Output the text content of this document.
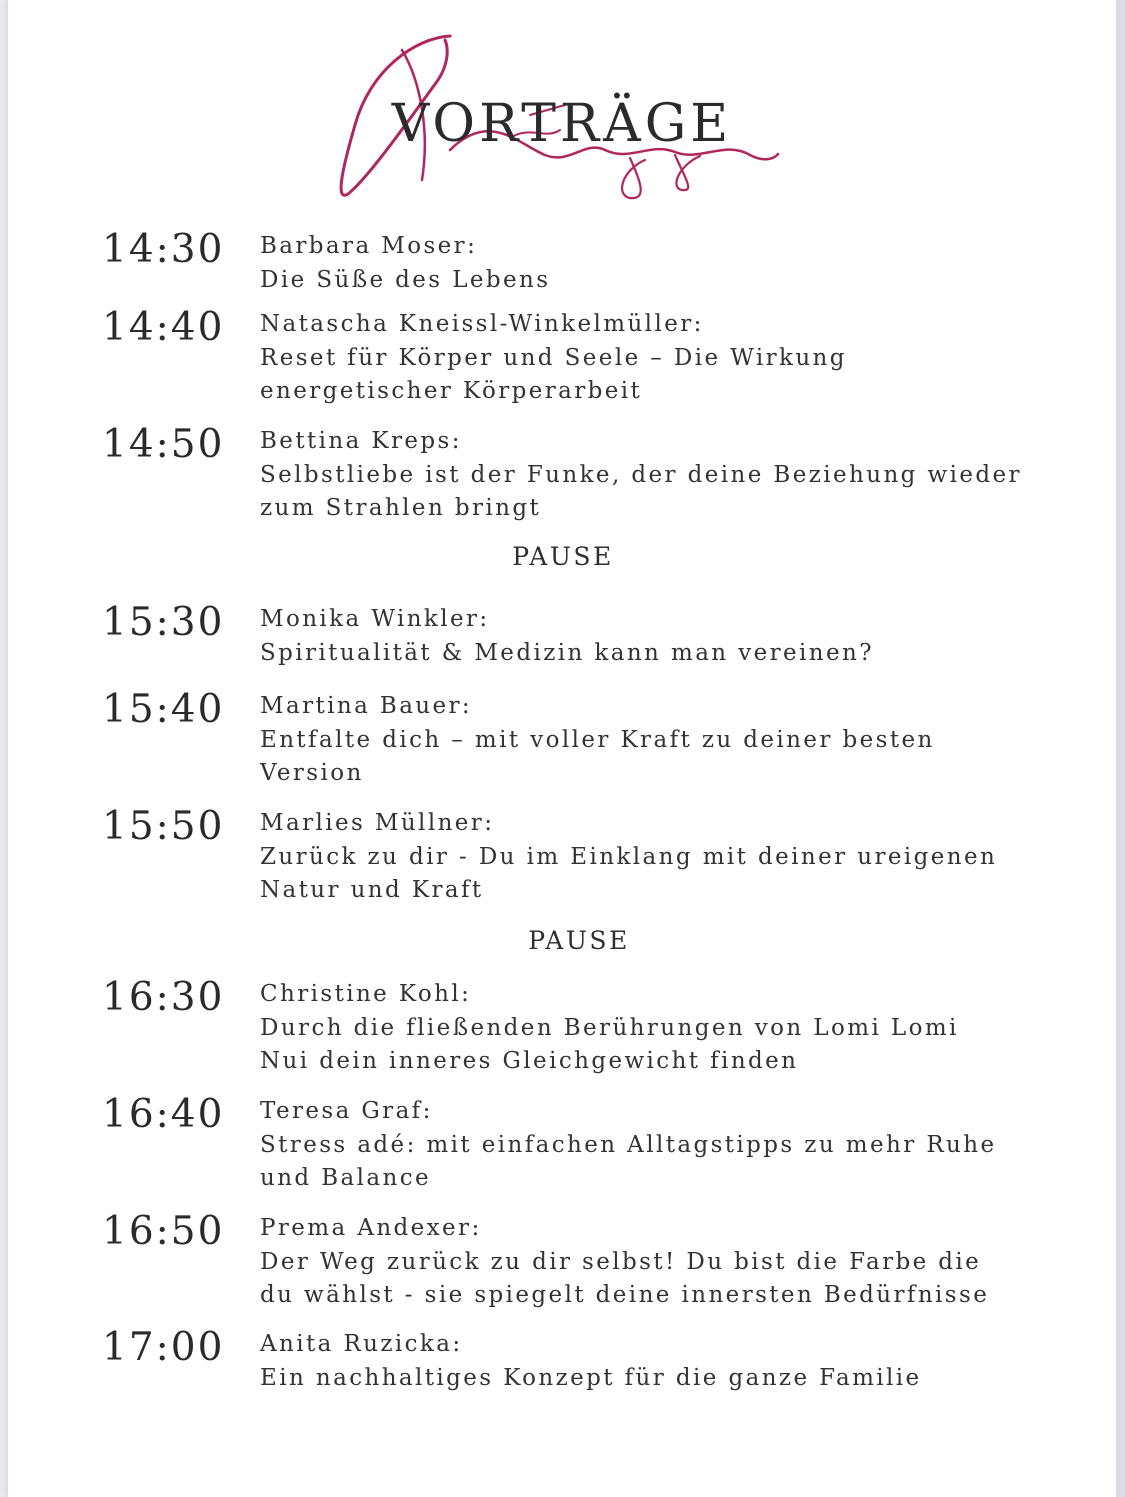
VORTRÄGE
14:30 Barbara Moser:
Die Süße des Lebens
14:40 Natascha Kneissl-Winkelmüller:
Reset für Körper und Seele – Die Wirkung
energetischer Körperarbeit
14:50 Bettina Kreps:
Selbstliebe ist der Funke, der deine Beziehung wieder
zum Strahlen bringt
PAUSE
15:30 Monika Winkler:
Spiritualität & Medizin kann man vereinen?
15:40 Martina Bauer:
Entfalte dich – mit voller Kraft zu deiner besten
Version
15:50 Marlies Müllner:
Zurück zu dir - Du im Einklang mit deiner ureigenen
Natur und Kraft
PAUSE
16:30 Christine Kohl:
Durch die fließenden Berührungen von Lomi Lomi
Nui dein inneres Gleichgewicht finden
16:40 Teresa Graf:
Stress adé: mit einfachen Alltagstipps zu mehr Ruhe
und Balance
16:50 Prema Andexer:
Der Weg zurück zu dir selbst! Du bist die Farbe die
du wählst - sie spiegelt deine innersten Bedürfnisse
17:00 Anita Ruzicka:
Ein nachhaltiges Konzept für die ganze Familie
